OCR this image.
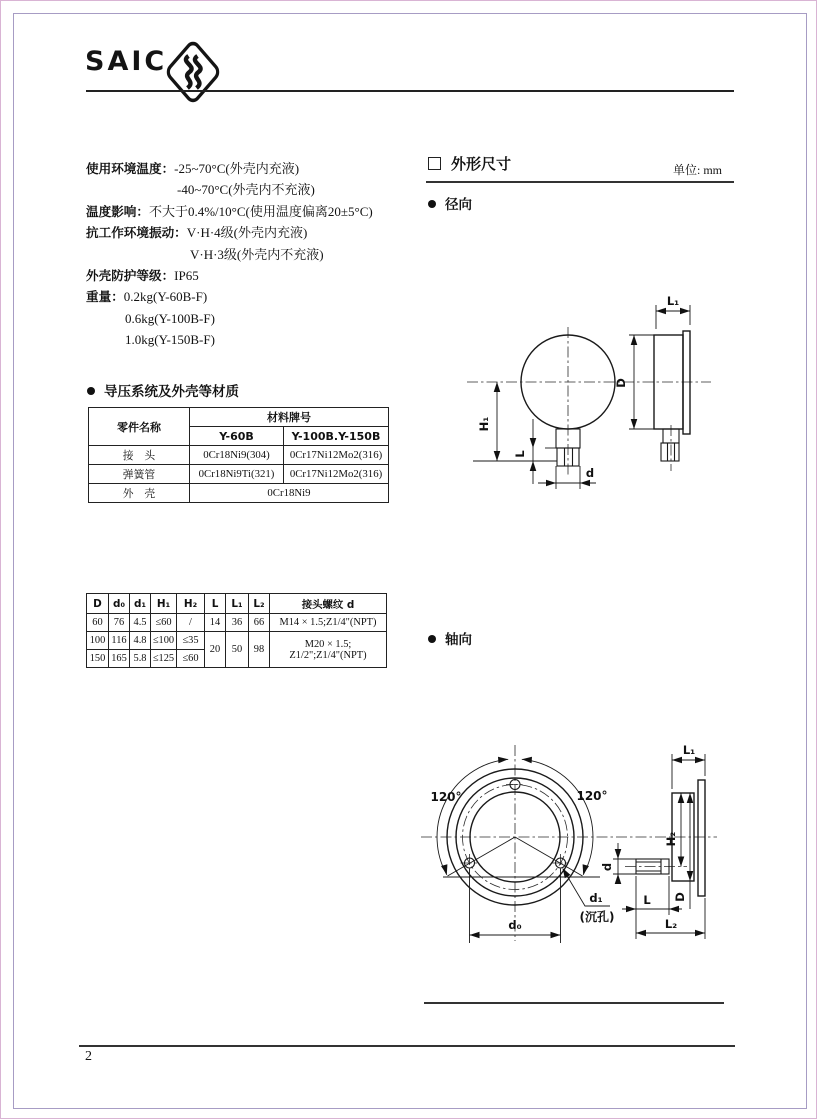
SAIC
使用环境温度：-25~70°C(外壳内充液)
-40~70°C(外壳内不充液)
温度影响：不大于0.4%/10°C(使用温度偏离20±5°C)
抗工作环境振动：V·H·4级(外壳内充液)
V·H·3级(外壳内不充液)
外壳防护等级：IP65
重量：0.2kg(Y-60B-F)
0.6kg(Y-100B-F)
1.0kg(Y-150B-F)
导压系统及外壳等材质
零件名称	材料牌号	
	Y-60B	Y-100B.Y-150B
接　头	0Cr18Ni9(304)	0Cr17Ni12Mo2(316)
弹簧管	0Cr18Ni9Ti(321)	0Cr17Ni12Mo2(316)
外　壳	0Cr18Ni9	
D	d₀	d₁	H₁	H₂	L	L₁	L₂	接头螺纹 d
60	76	4.5	≤60	/	14	36	66	M14 × 1.5;Z1/4"(NPT)
100	116	4.8	≤100	≤35	20	50	98	M20 × 1.5;
Z1/2";Z1/4"(NPT)

150	165	5.8	≤125	≤60				
外形尺寸	单位: mm
径向
H₁
L
d
L₁
D
轴向
120°	120°
d₀
d₁
(沉孔)
L₁
d
H₂
D
L
L₂
2
